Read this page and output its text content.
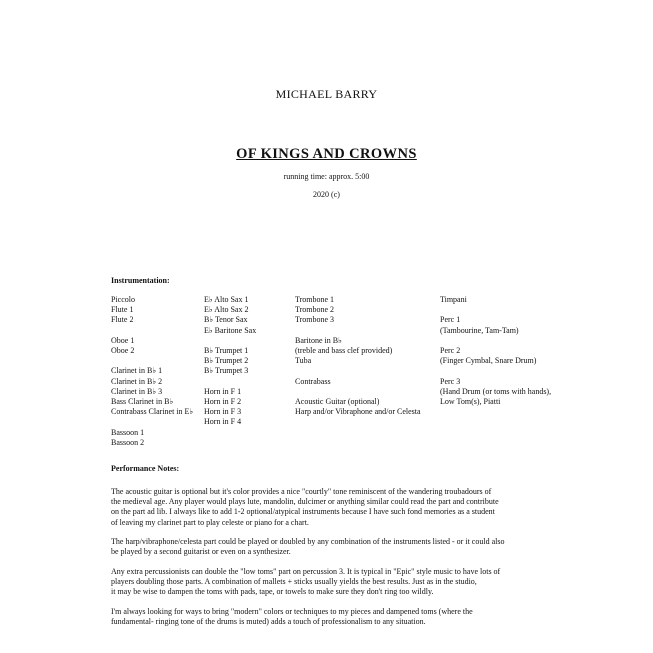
MICHAEL BARRY
OF KINGS AND CROWNS
running time: approx. 5:00
2020 (c)
Instrumentation:
Piccolo
Flute 1
Flute 2
Oboe 1
Oboe 2
Clarinet in B♭ 1
Clarinet in B♭ 2
Clarinet in B♭ 3
Bass Clarinet in B♭
Contrabass Clarinet in E♭
Bassoon 1
Bassoon 2
E♭ Alto Sax 1
E♭ Alto Sax 2
B♭ Tenor Sax
E♭ Baritone Sax
B♭ Trumpet 1
B♭ Trumpet 2
B♭ Trumpet 3
Horn in F 1
Horn in F 2
Horn in F 3
Horn in F 4
Trombone 1
Trombone 2
Trombone 3
Baritone in B♭
(treble and bass clef provided)
Tuba
Contrabass
Acoustic Guitar (optional)
Harp and/or Vibraphone and/or Celesta
Timpani
Perc 1
(Tambourine, Tam-Tam)
Perc 2
(Finger Cymbal, Snare Drum)
Perc 3
(Hand Drum (or toms with hands),
Low Tom(s), Piatti
Performance Notes:

The acoustic guitar is optional but it's color provides a nice "courtly" tone reminiscent of the wandering troubadours of
the medieval age. Any player would plays lute, mandolin, dulcimer or anything similar could read the part and contribute
on the part ad lib. I always like to add 1-2 optional/atypical instruments because I have such fond memories as a student
of leaving my clarinet part to play celeste or piano for a chart.

The harp/vibraphone/celesta part could be played or doubled by any combination of the instruments listed - or it could also
be played by a second guitarist or even on a synthesizer.

Any extra percussionists can double the "low toms" part on percussion 3. It is typical in "Epic" style music to have lots of
players doubling those parts. A combination of mallets + sticks usually yields the best results. Just as in the studio,
it may be wise to dampen the toms with pads, tape, or towels to make sure they don't ring too wildly.

I'm always looking for ways to bring "modern" colors or techniques to my pieces and dampened toms (where the
fundamental- ringing tone of the drums is muted) adds a touch of professionalism to any situation.
